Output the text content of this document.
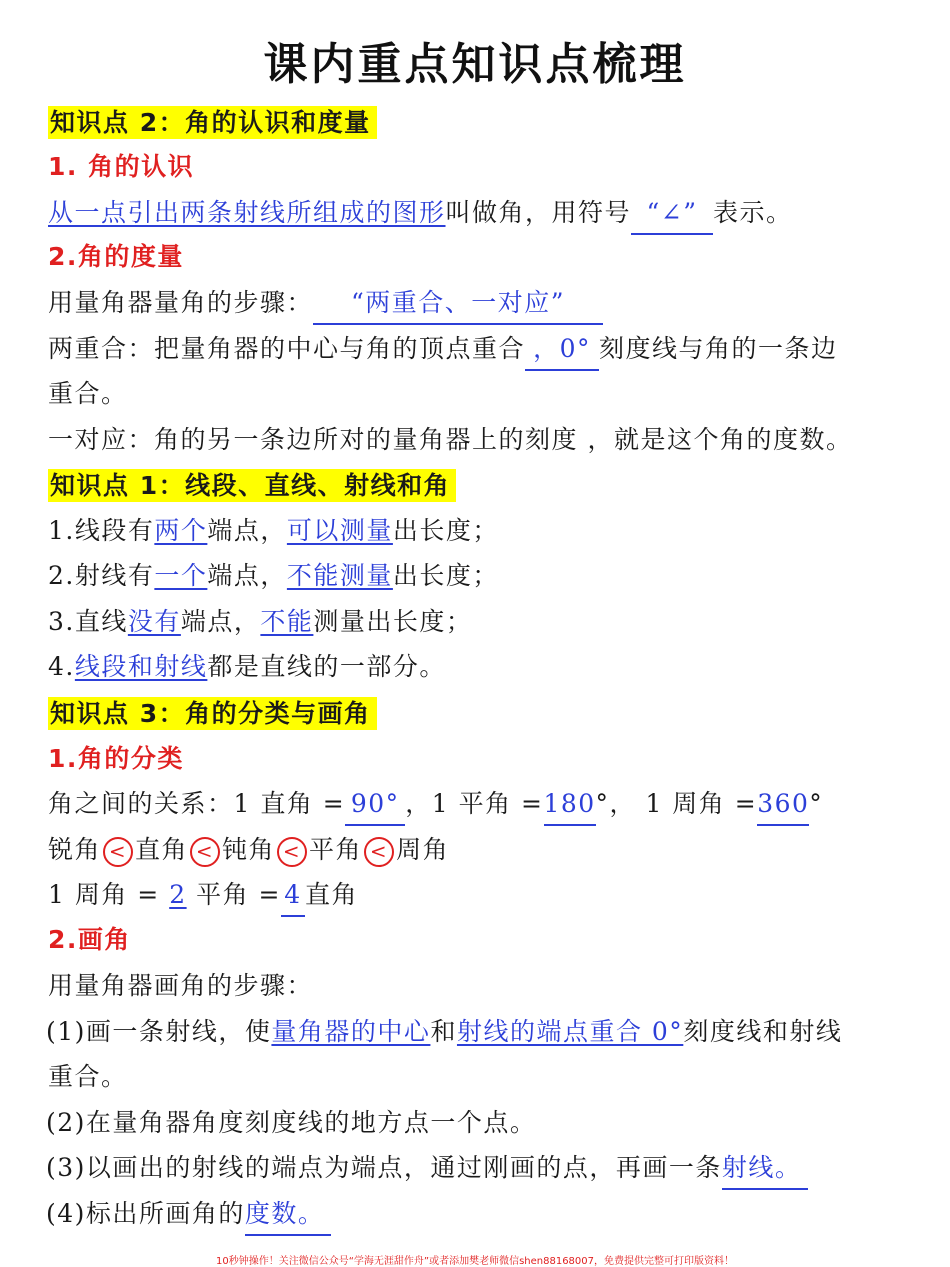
课内重点知识点梳理
知识点 2：角的认识和度量
1. 角的认识
从一点引出两条射线所组成的图形叫做角，用符号 “∠” 表示。
2.角的度量
用量角器量角的步骤： “两重合、一对应”
两重合：把量角器的中心与角的顶点重合 ，0° 刻度线与角的一条边
重合。
一对应：角的另一条边所对的量角器上的刻度 ，就是这个角的度数。
知识点 1：线段、直线、射线和角
1.线段有两个端点，可以测量出长度；
2.射线有一个端点，不能测量出长度；
3.直线没有端点，不能测量出长度；
4.线段和射线都是直线的一部分。
知识点 3：角的分类与画角
1.角的分类
角之间的关系：1 直角 = 90° ，1 平角 =180°， 1 周角 =360°
锐角 < 直角 < 钝角 < 平角 < 周角
1 周角 = 2 平角 = 4 直角
2.画角
用量角器画角的步骤：
(1)画一条射线，使量角器的中心和射线的端点重合 0°刻度线和射线
重合。
(2)在量角器角度刻度线的地方点一个点。
(3)以画出的射线的端点为端点，通过刚画的点，再画一条射线。
(4)标出所画角的度数。
10秒钟操作！关注微信公众号“学海无涯甜作舟”或者添加樊老师微信shen88168007，免费提供完整可打印版资料！
